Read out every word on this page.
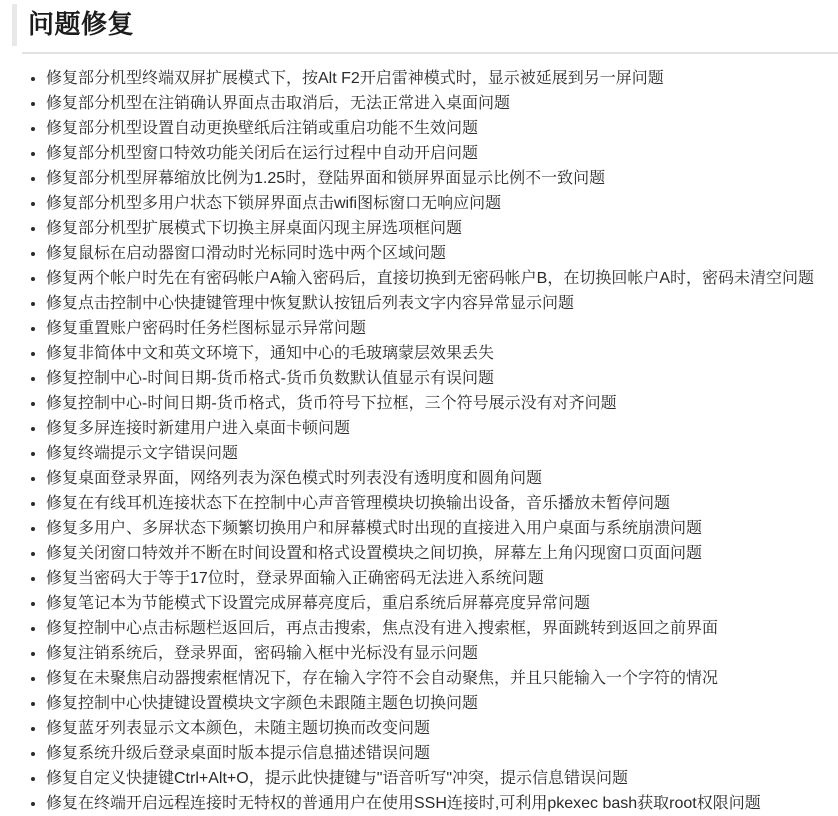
问题修复
• 修复部分机型终端双屏扩展模式下，按Alt F2开启雷神模式时，显示被延展到另一屏问题
• 修复部分机型在注销确认界面点击取消后，无法正常进入桌面问题
• 修复部分机型设置自动更换壁纸后注销或重启功能不生效问题
• 修复部分机型窗口特效功能关闭后在运行过程中自动开启问题
• 修复部分机型屏幕缩放比例为1.25时，登陆界面和锁屏界面显示比例不一致问题
• 修复部分机型多用户状态下锁屏界面点击wifi图标窗口无响应问题
• 修复部分机型扩展模式下切换主屏桌面闪现主屏选项框问题
• 修复鼠标在启动器窗口滑动时光标同时选中两个区域问题
• 修复两个帐户时先在有密码帐户A输入密码后，直接切换到无密码帐户B，在切换回帐户A时，密码未清空问题
• 修复点击控制中心快捷键管理中恢复默认按钮后列表文字内容异常显示问题
• 修复重置账户密码时任务栏图标显示异常问题
• 修复非简体中文和英文环境下，通知中心的毛玻璃蒙层效果丢失
• 修复控制中心-时间日期-货币格式-货币负数默认值显示有误问题
• 修复控制中心-时间日期-货币格式，货币符号下拉框，三个符号展示没有对齐问题
• 修复多屏连接时新建用户进入桌面卡顿问题
• 修复终端提示文字错误问题
• 修复桌面登录界面，网络列表为深色模式时列表没有透明度和圆角问题
• 修复在有线耳机连接状态下在控制中心声音管理模块切换输出设备，音乐播放未暂停问题
• 修复多用户、多屏状态下频繁切换用户和屏幕模式时出现的直接进入用户桌面与系统崩溃问题
• 修复关闭窗口特效并不断在时间设置和格式设置模块之间切换，屏幕左上角闪现窗口页面问题
• 修复当密码大于等于17位时，登录界面输入正确密码无法进入系统问题
• 修复笔记本为节能模式下设置完成屏幕亮度后，重启系统后屏幕亮度异常问题
• 修复控制中心点击标题栏返回后，再点击搜索，焦点没有进入搜索框，界面跳转到返回之前界面
• 修复注销系统后，登录界面，密码输入框中光标没有显示问题
• 修复在未聚焦启动器搜索框情况下，存在输入字符不会自动聚焦，并且只能输入一个字符的情况
• 修复控制中心快捷键设置模块文字颜色未跟随主题色切换问题
• 修复蓝牙列表显示文本颜色，未随主题切换而改变问题
• 修复系统升级后登录桌面时版本提示信息描述错误问题
• 修复自定义快捷键Ctrl+Alt+O，提示此快捷键与"语音听写"冲突，提示信息错误问题
• 修复在终端开启远程连接时无特权的普通用户在使用SSH连接时,可利用pkexec bash获取root权限问题
